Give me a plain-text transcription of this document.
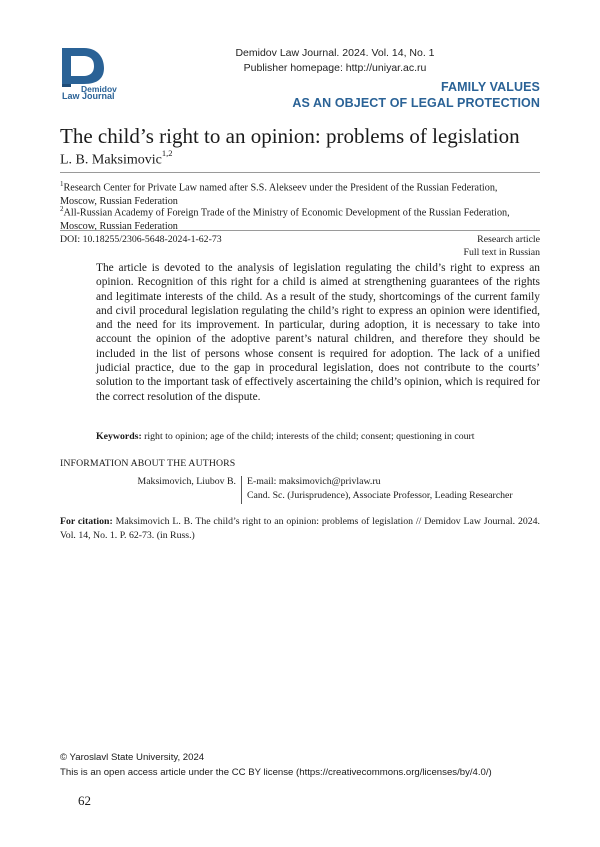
Demidov
Law Journal
Demidov Law Journal. 2024. Vol. 14, No. 1
Publisher homepage: http://uniyar.ac.ru
FAMILY VALUES
AS AN OBJECT OF LEGAL PROTECTION
The child’s right to an opinion: problems of legislation
L. B. Maksimovic$^{1,2}$
$^1$Research Center for Private Law named after S.S. Alekseev under the President of the Russian Federation,
Moscow, Russian Federation
$^2$All-Russian Academy of Foreign Trade of the Ministry of Economic Development of the Russian Federation,
Moscow, Russian Federation
DOI: 10.18255/2306-5648-2024-1-62-73	Research article
Full text in Russian
The article is devoted to the analysis of legislation regulating the child’s right to express an opinion. Recognition of this right for a child is aimed at strengthening guarantees of the rights and legitimate interests of the child. As a result of the study, shortcomings of the current family and civil procedural legislation regulating the child’s right to express an opinion were identified, and the need for its improvement. In particular, during adoption, it is necessary to take into account the opinion of the adoptive parent’s natural children, and therefore they should be included in the list of persons whose consent is required for adoption. The lack of a unified judicial practice, due to the gap in procedural legislation, does not contribute to the courts’ solution to the important task of effectively ascertaining the child’s opinion, which is required for the correct resolution of the dispute.
Keywords: right to opinion; age of the child; interests of the child; consent; questioning in court
INFORMATION ABOUT THE AUTHORS
Maksimovich, Liubov B. E-mail: maksimovich@privlaw.ru
Cand. Sc. (Jurisprudence), Associate Professor, Leading Researcher
For citation: Maksimovich L. B. The child’s right to an opinion: problems of legislation // Demidov Law Journal. 2024. Vol. 14, No. 1. P. 62-73. (in Russ.)
© Yaroslavl State University, 2024
This is an open access article under the CC BY license (https://creativecommons.org/licenses/by/4.0/)
62
